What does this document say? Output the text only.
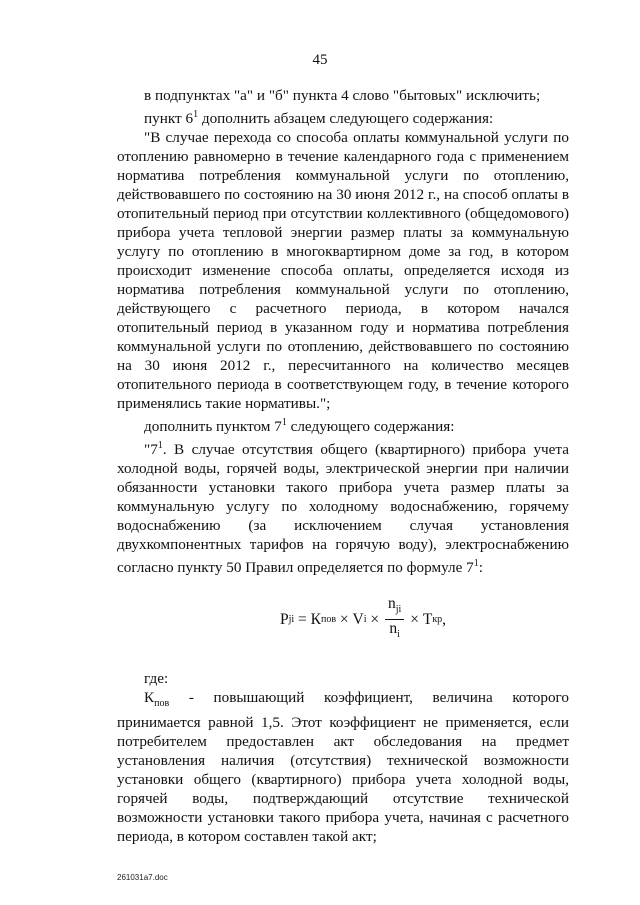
45

в подпунктах "а" и "б" пункта 4 слово "бытовых" исключить;

пункт $6^1$ дополнить абзацем следующего содержания:

"В случае перехода со способа оплаты коммунальной услуги по отоплению равномерно в течение календарного года с применением норматива потребления коммунальной услуги по отоплению, действовавшего по состоянию на 30 июня 2012 г., на способ оплаты в отопительный период при отсутствии коллективного (общедомового) прибора учета тепловой энергии размер платы за коммунальную услугу по отоплению в многоквартирном доме за год, в котором происходит изменение способа оплаты, определяется исходя из норматива потребления коммунальной услуги по отоплению, действующего с расчетного периода, в котором начался отопительный период в указанном году и норматива потребления коммунальной услуги по отоплению, действовавшего по состоянию на 30 июня 2012 г., пересчитанного на количество месяцев отопительного периода в соответствующем году, в течение которого применялись такие нормативы.";

дополнить пунктом $7^1$ следующего содержания:

"$7^1$. В случае отсутствия общего (квартирного) прибора учета холодной воды, горячей воды, электрической энергии при наличии обязанности установки такого прибора учета размер платы за коммунальную услугу по холодному водоснабжению, горячему водоснабжению (за исключением случая установления двухкомпонентных тарифов на горячую воду), электроснабжению согласно пункту 50 Правил определяется по формуле $7^1$:

P ji = К пов × V $i \times \frac{n_{ji}}{n_i} \times T$ кр ,

где:

$К_{пов}$ - повышающий коэффициент, величина которого принимается равной 1,5. Этот коэффициент не применяется, если потребителем предоставлен акт обследования на предмет установления наличия (отсутствия) технической возможности установки общего (квартирного) прибора учета холодной воды, горячей воды, подтверждающий отсутствие технической возможности установки такого прибора учета, начиная с расчетного периода, в котором составлен такой акт;

261031a7.doc
